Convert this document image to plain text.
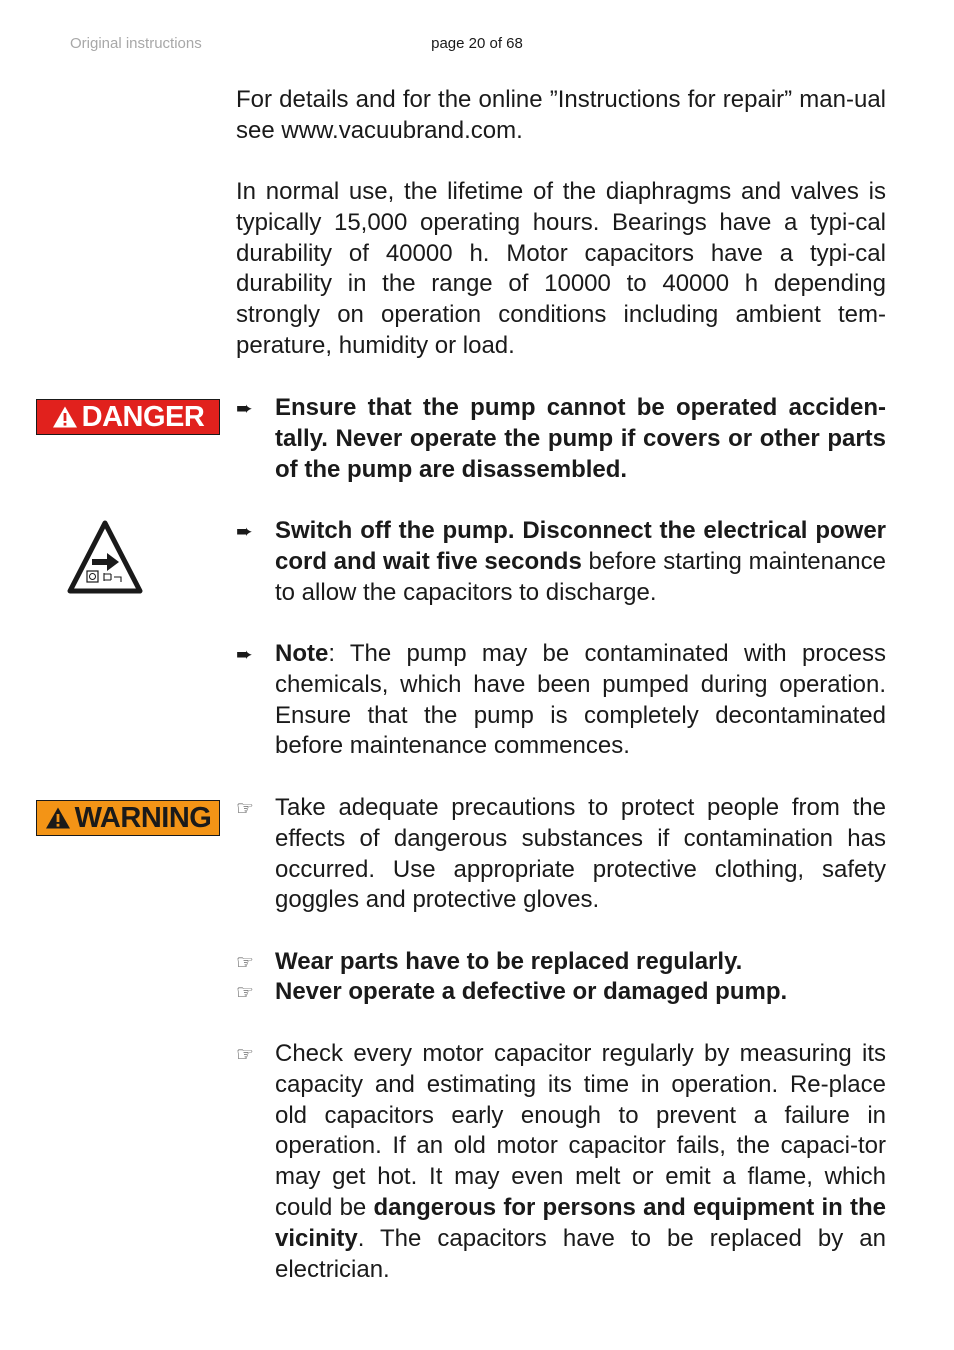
Original instructions	page 20 of 68

For details and for the online ”Instructions for repair” man-ual see www.vacuubrand.com.

In normal use, the lifetime of the diaphragms and valves is typically 15,000 operating hours. Bearings have a typi-cal durability of 40000 h. Motor capacitors have a typi-cal durability in the range of 10000 to 40000 h depending strongly on operation conditions including ambient tem-perature, humidity or load.

DANGER ➨ Ensure that the pump cannot be operated acciden-tally. Never operate the pump if covers or other parts of the pump are disassembled.

➨ Switch off the pump. Disconnect the electrical power cord and wait five seconds before starting maintenance to allow the capacitors to discharge.

➨ Note: The pump may be contaminated with process chemicals, which have been pumped during operation. Ensure that the pump is completely decontaminated before maintenance commences.

WARNING ☞ Take adequate precautions to protect people from the effects of dangerous substances if contamination has occurred. Use appropriate protective clothing, safety goggles and protective gloves.

☞ Wear parts have to be replaced regularly.

☞ Never operate a defective or damaged pump.

☞ Check every motor capacitor regularly by measuring its capacity and estimating its time in operation. Re-place old capacitors early enough to prevent a failure in operation. If an old motor capacitor fails, the capaci-tor may get hot. It may even melt or emit a flame, which could be dangerous for persons and equipment in the vicinity. The capacitors have to be replaced by an electrician.
